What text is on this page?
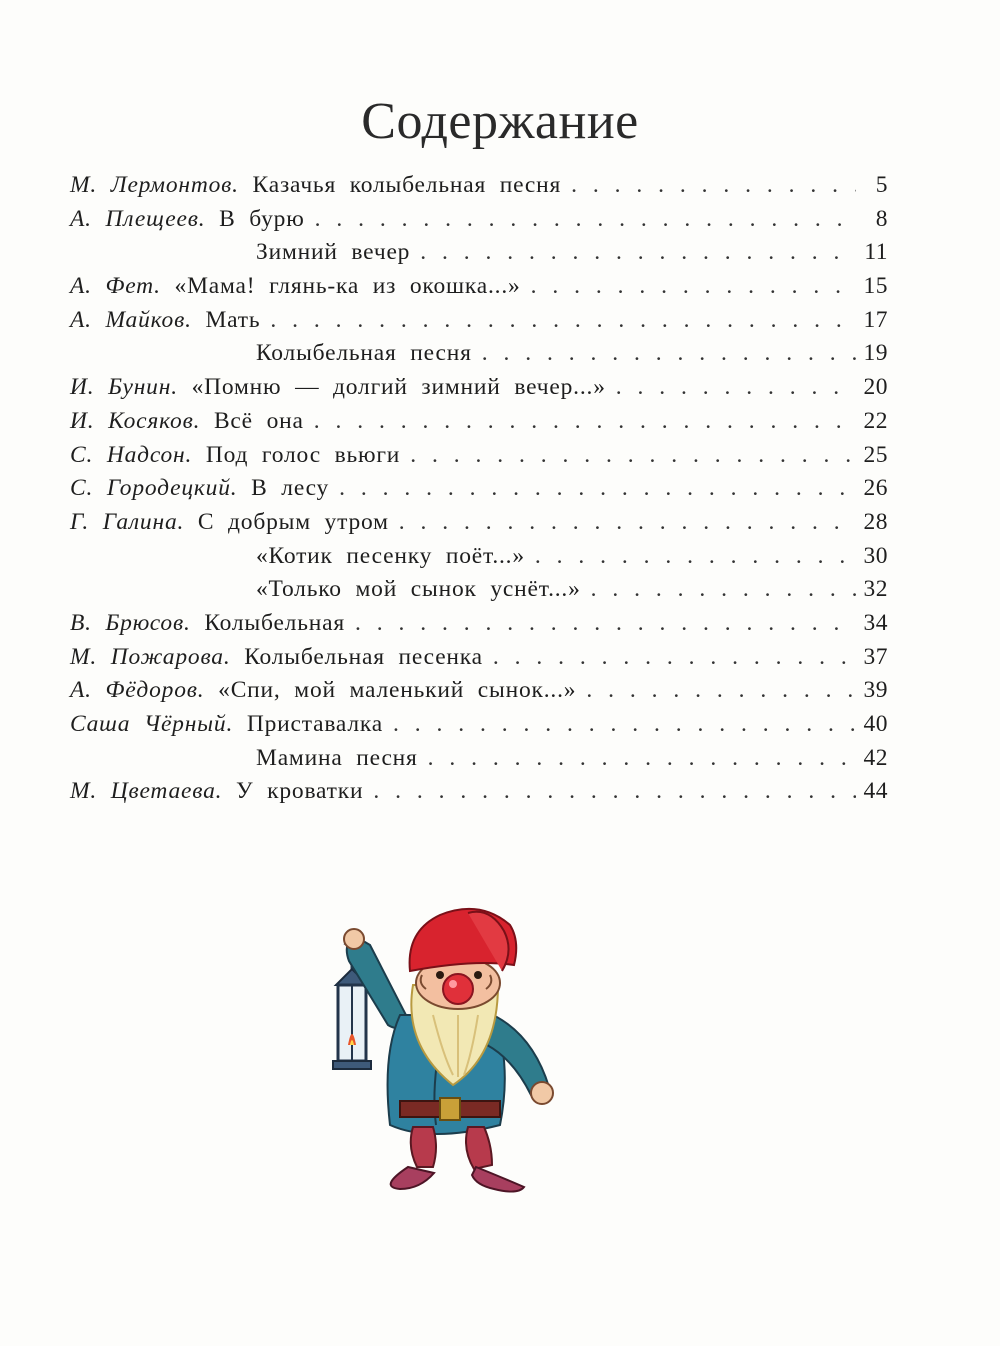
Содержание
М. Лермонтов. Казачья колыбельная песня . . .	5
А. Плещеев. В бурю . . .	8
Зимний вечер . . .	11
А. Фет. «Мама! глянь-ка из окошка...» . . .	15
А. Майков. Мать . . .	17
Колыбельная песня . . .	19
И. Бунин. «Помню — долгий зимний вечер...» . . .	20
И. Косяков. Всё она . . .	22
С. Надсон. Под голос вьюги . . .	25
С. Городецкий. В лесу . . .	26
Г. Галина. С добрым утром . . .	28
«Котик песенку поёт...» . . .	30
«Только мой сынок уснёт...» . . .	32
В. Брюсов. Колыбельная . . .	34
М. Пожарова. Колыбельная песенка . . .	37
А. Фёдоров. «Спи, мой маленький сынок...» . . .	39
Саша Чёрный. Приставалка . . .	40
Мамина песня . . .	42
М. Цветаева. У кроватки . . .	44
